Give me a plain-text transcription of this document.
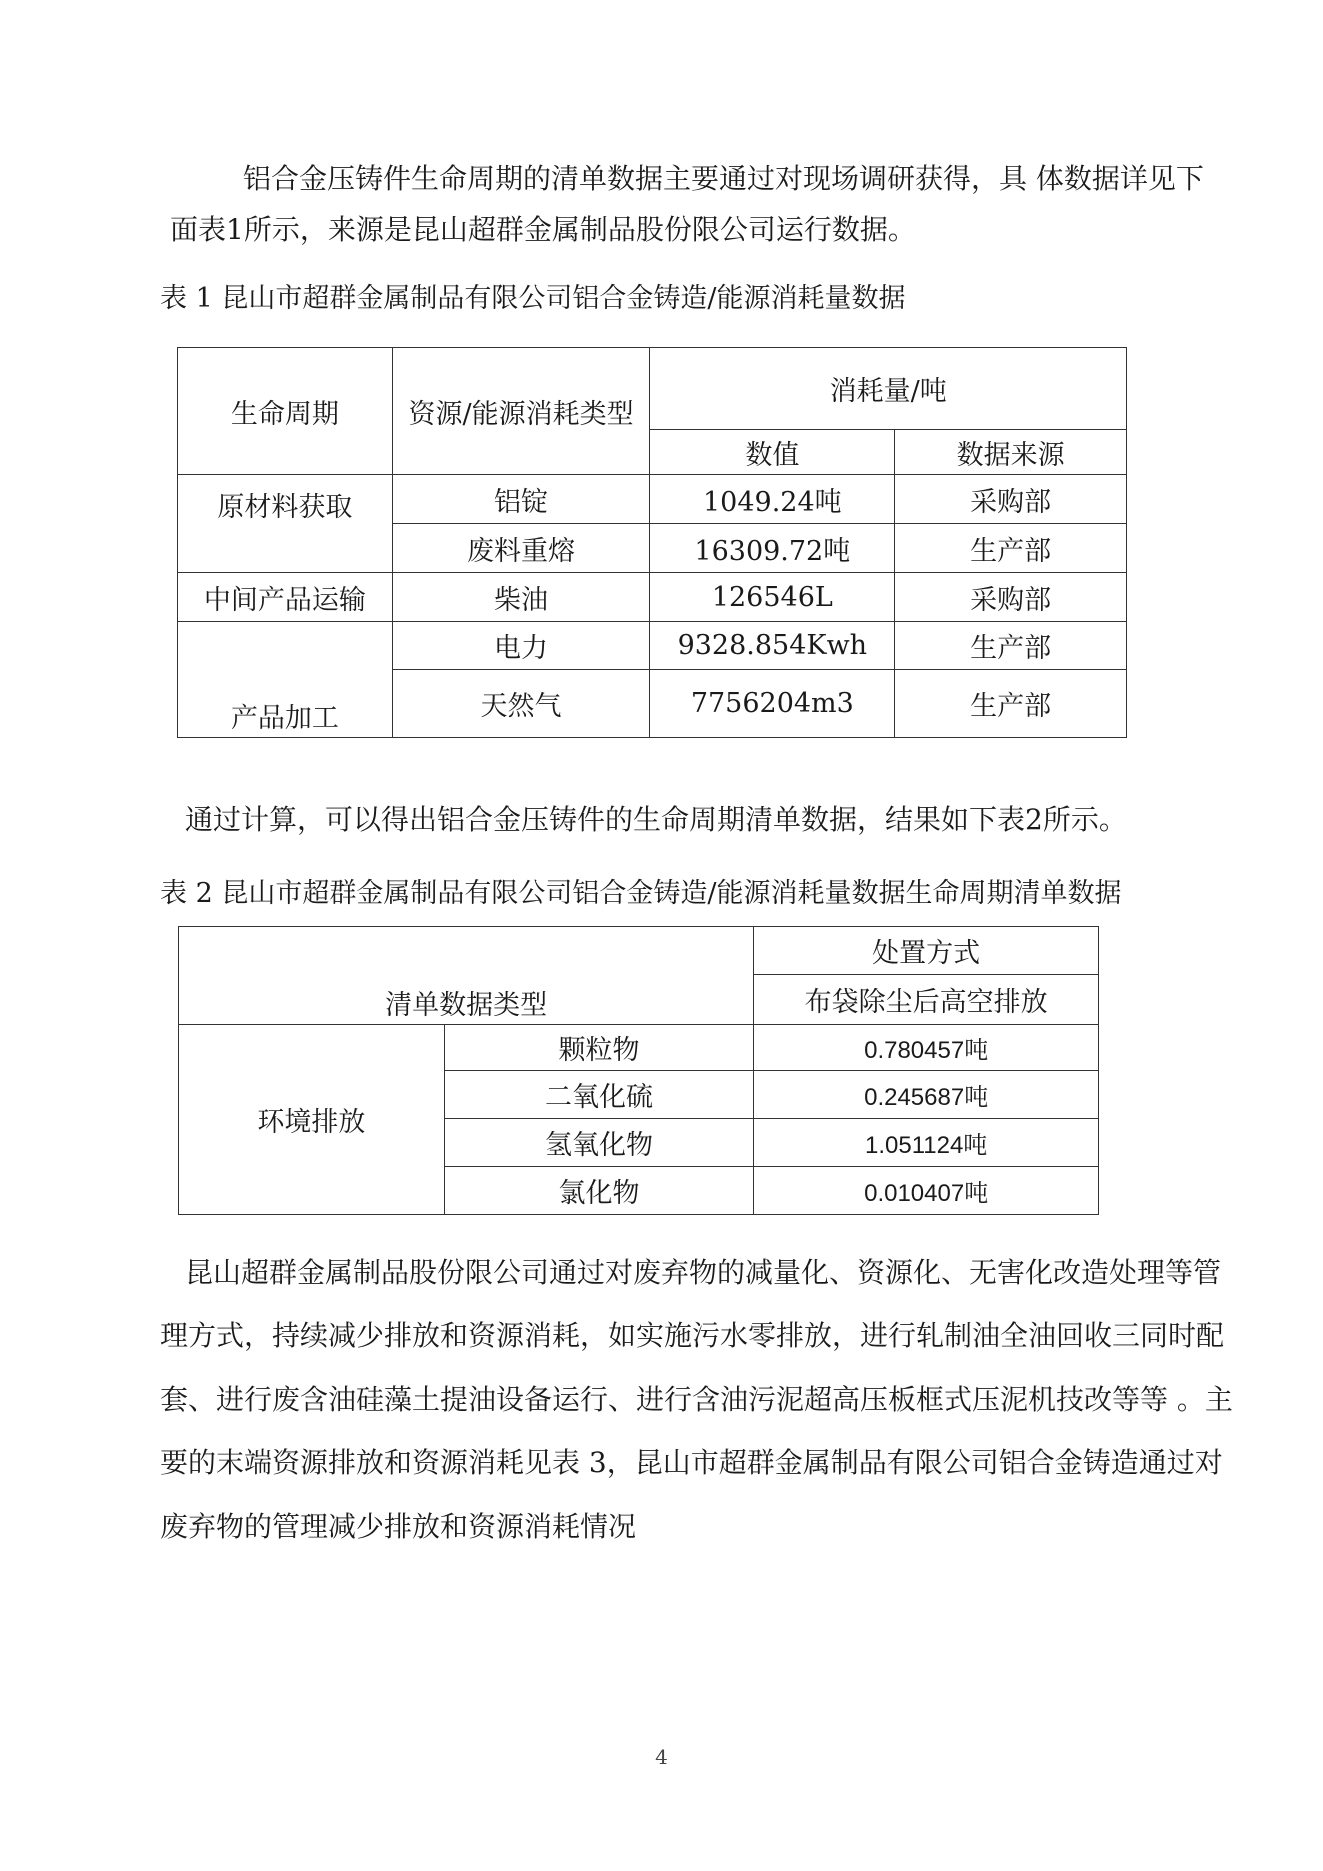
铝合金压铸件生命周期的清单数据主要通过对现场调研获得，具 体数据详见下
面表1所示，来源是昆山超群金属制品股份限公司运行数据。
表 1 昆山市超群金属制品有限公司铝合金铸造/能源消耗量数据
生命周期	资源/能源消耗类型	消耗量/吨	
		数值	数据来源
原材料获取	铝锭	1049.24吨	采购部
	废料重熔	16309.72吨	生产部
中间产品运输	柴油	126546L	采购部
产品加工	电力	9328.854Kwh	生产部
	天然气	7756204m3	生产部
通过计算，可以得出铝合金压铸件的生命周期清单数据，结果如下表2所示。
表 2 昆山市超群金属制品有限公司铝合金铸造/能源消耗量数据生命周期清单数据
清单数据类型		处置方式
		布袋除尘后高空排放
环境排放	颗粒物	0.780457吨
	二氧化硫	0.245687吨
	氢氧化物	1.051124吨
	氯化物	0.010407吨
昆山超群金属制品股份限公司通过对废弃物的减量化、资源化、无害化改造处理等管
理方式，持续减少排放和资源消耗，如实施污水零排放，进行轧制油全油回收三同时配
套、进行废含油硅藻土提油设备运行、进行含油污泥超高压板框式压泥机技改等等 。主
要的末端资源排放和资源消耗见表 3，昆山市超群金属制品有限公司铝合金铸造通过对
废弃物的管理减少排放和资源消耗情况
4
